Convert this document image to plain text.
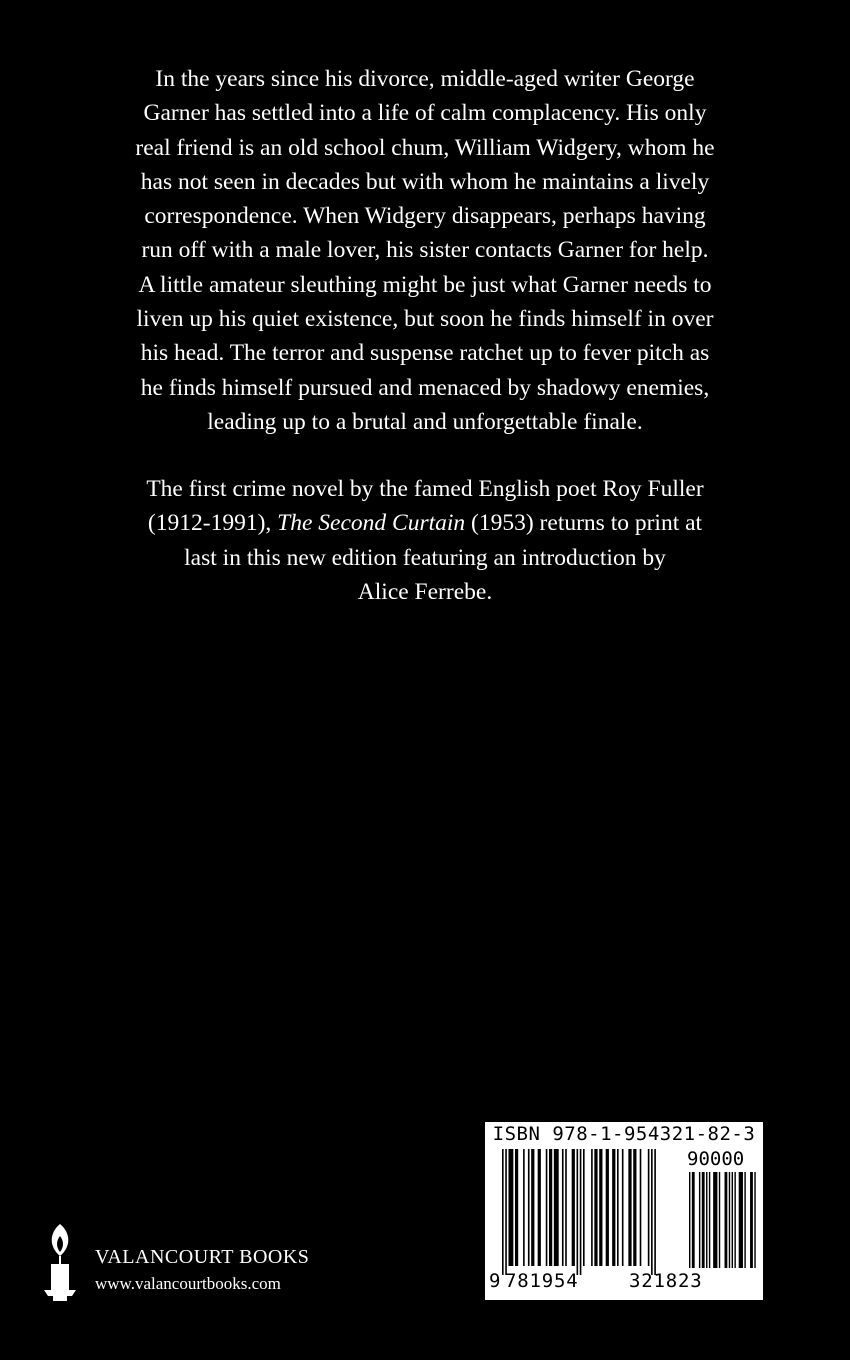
In the years since his divorce, middle-aged writer George
Garner has settled into a life of calm complacency. His only
real friend is an old school chum, William Widgery, whom he
has not seen in decades but with whom he maintains a lively
correspondence. When Widgery disappears, perhaps having
run off with a male lover, his sister contacts Garner for help.
A little amateur sleuthing might be just what Garner needs to
liven up his quiet existence, but soon he finds himself in over
his head. The terror and suspense ratchet up to fever pitch as
he finds himself pursued and menaced by shadowy enemies,
leading up to a brutal and unforgettable finale.
The first crime novel by the famed English poet Roy Fuller
(1912-1991), The Second Curtain (1953) returns to print at
last in this new edition featuring an introduction by
Alice Ferrebe.
VALANCOURT BOOKS
www.valancourtbooks.com
ISBN 978-1-954321-82-3
90000
9 781954	321823
